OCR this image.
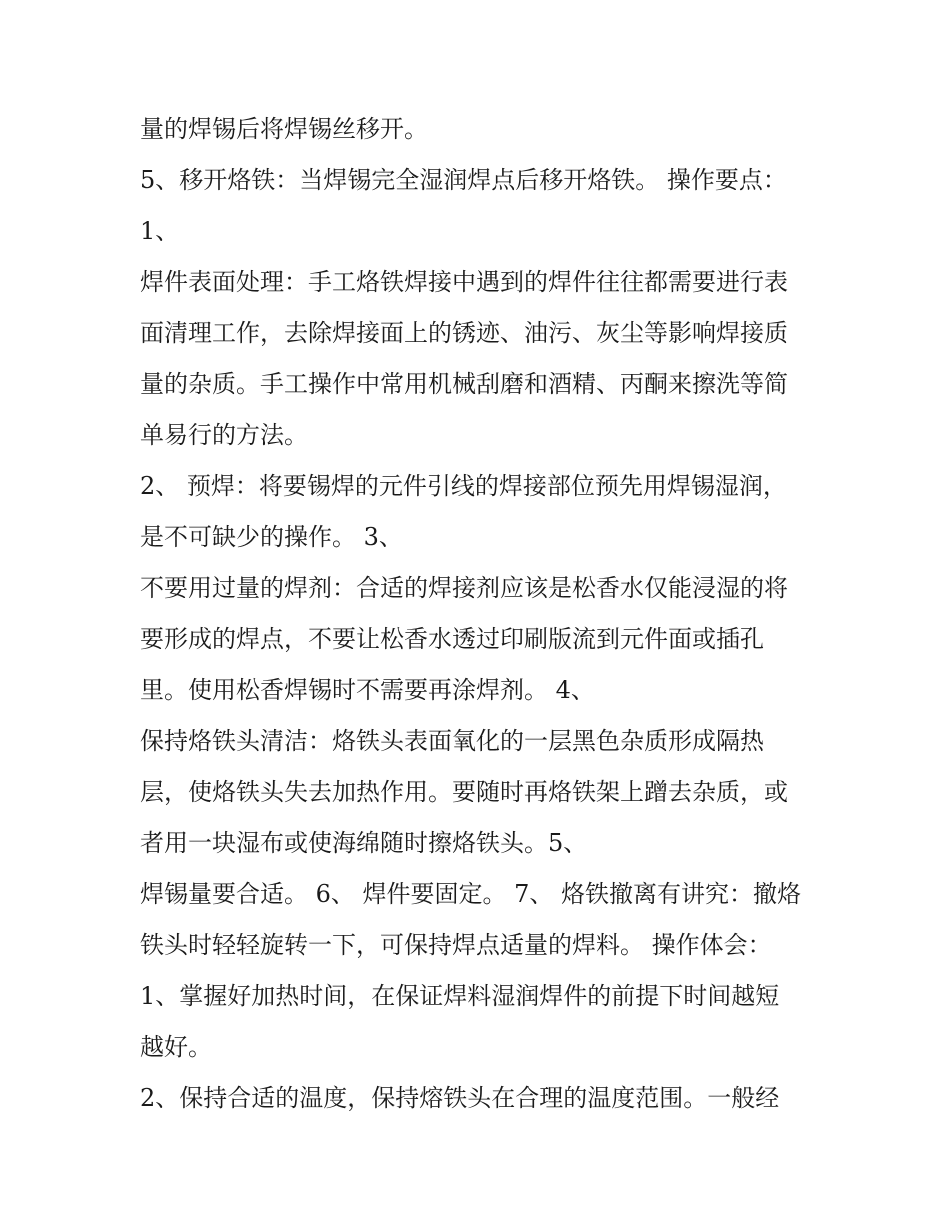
量的焊锡后将焊锡丝移开。
5、移开烙铁：当焊锡完全湿润焊点后移开烙铁。 操作要点：
1、
焊件表面处理：手工烙铁焊接中遇到的焊件往往都需要进行表
面清理工作，去除焊接面上的锈迹、油污、灰尘等影响焊接质
量的杂质。手工操作中常用机械刮磨和酒精、丙酮来擦洗等简
单易行的方法。
2、 预焊：将要锡焊的元件引线的焊接部位预先用焊锡湿润，
是不可缺少的操作。 3、
不要用过量的焊剂：合适的焊接剂应该是松香水仅能浸湿的将
要形成的焊点，不要让松香水透过印刷版流到元件面或插孔
里。使用松香焊锡时不需要再涂焊剂。 4、
保持烙铁头清洁：烙铁头表面氧化的一层黑色杂质形成隔热
层，使烙铁头失去加热作用。要随时再烙铁架上蹭去杂质，或
者用一块湿布或使海绵随时擦烙铁头。5、
焊锡量要合适。 6、 焊件要固定。 7、 烙铁撤离有讲究：撤烙
铁头时轻轻旋转一下，可保持焊点适量的焊料。 操作体会：
1、掌握好加热时间，在保证焊料湿润焊件的前提下时间越短
越好。
2、保持合适的温度，保持熔铁头在合理的温度范围。一般经
